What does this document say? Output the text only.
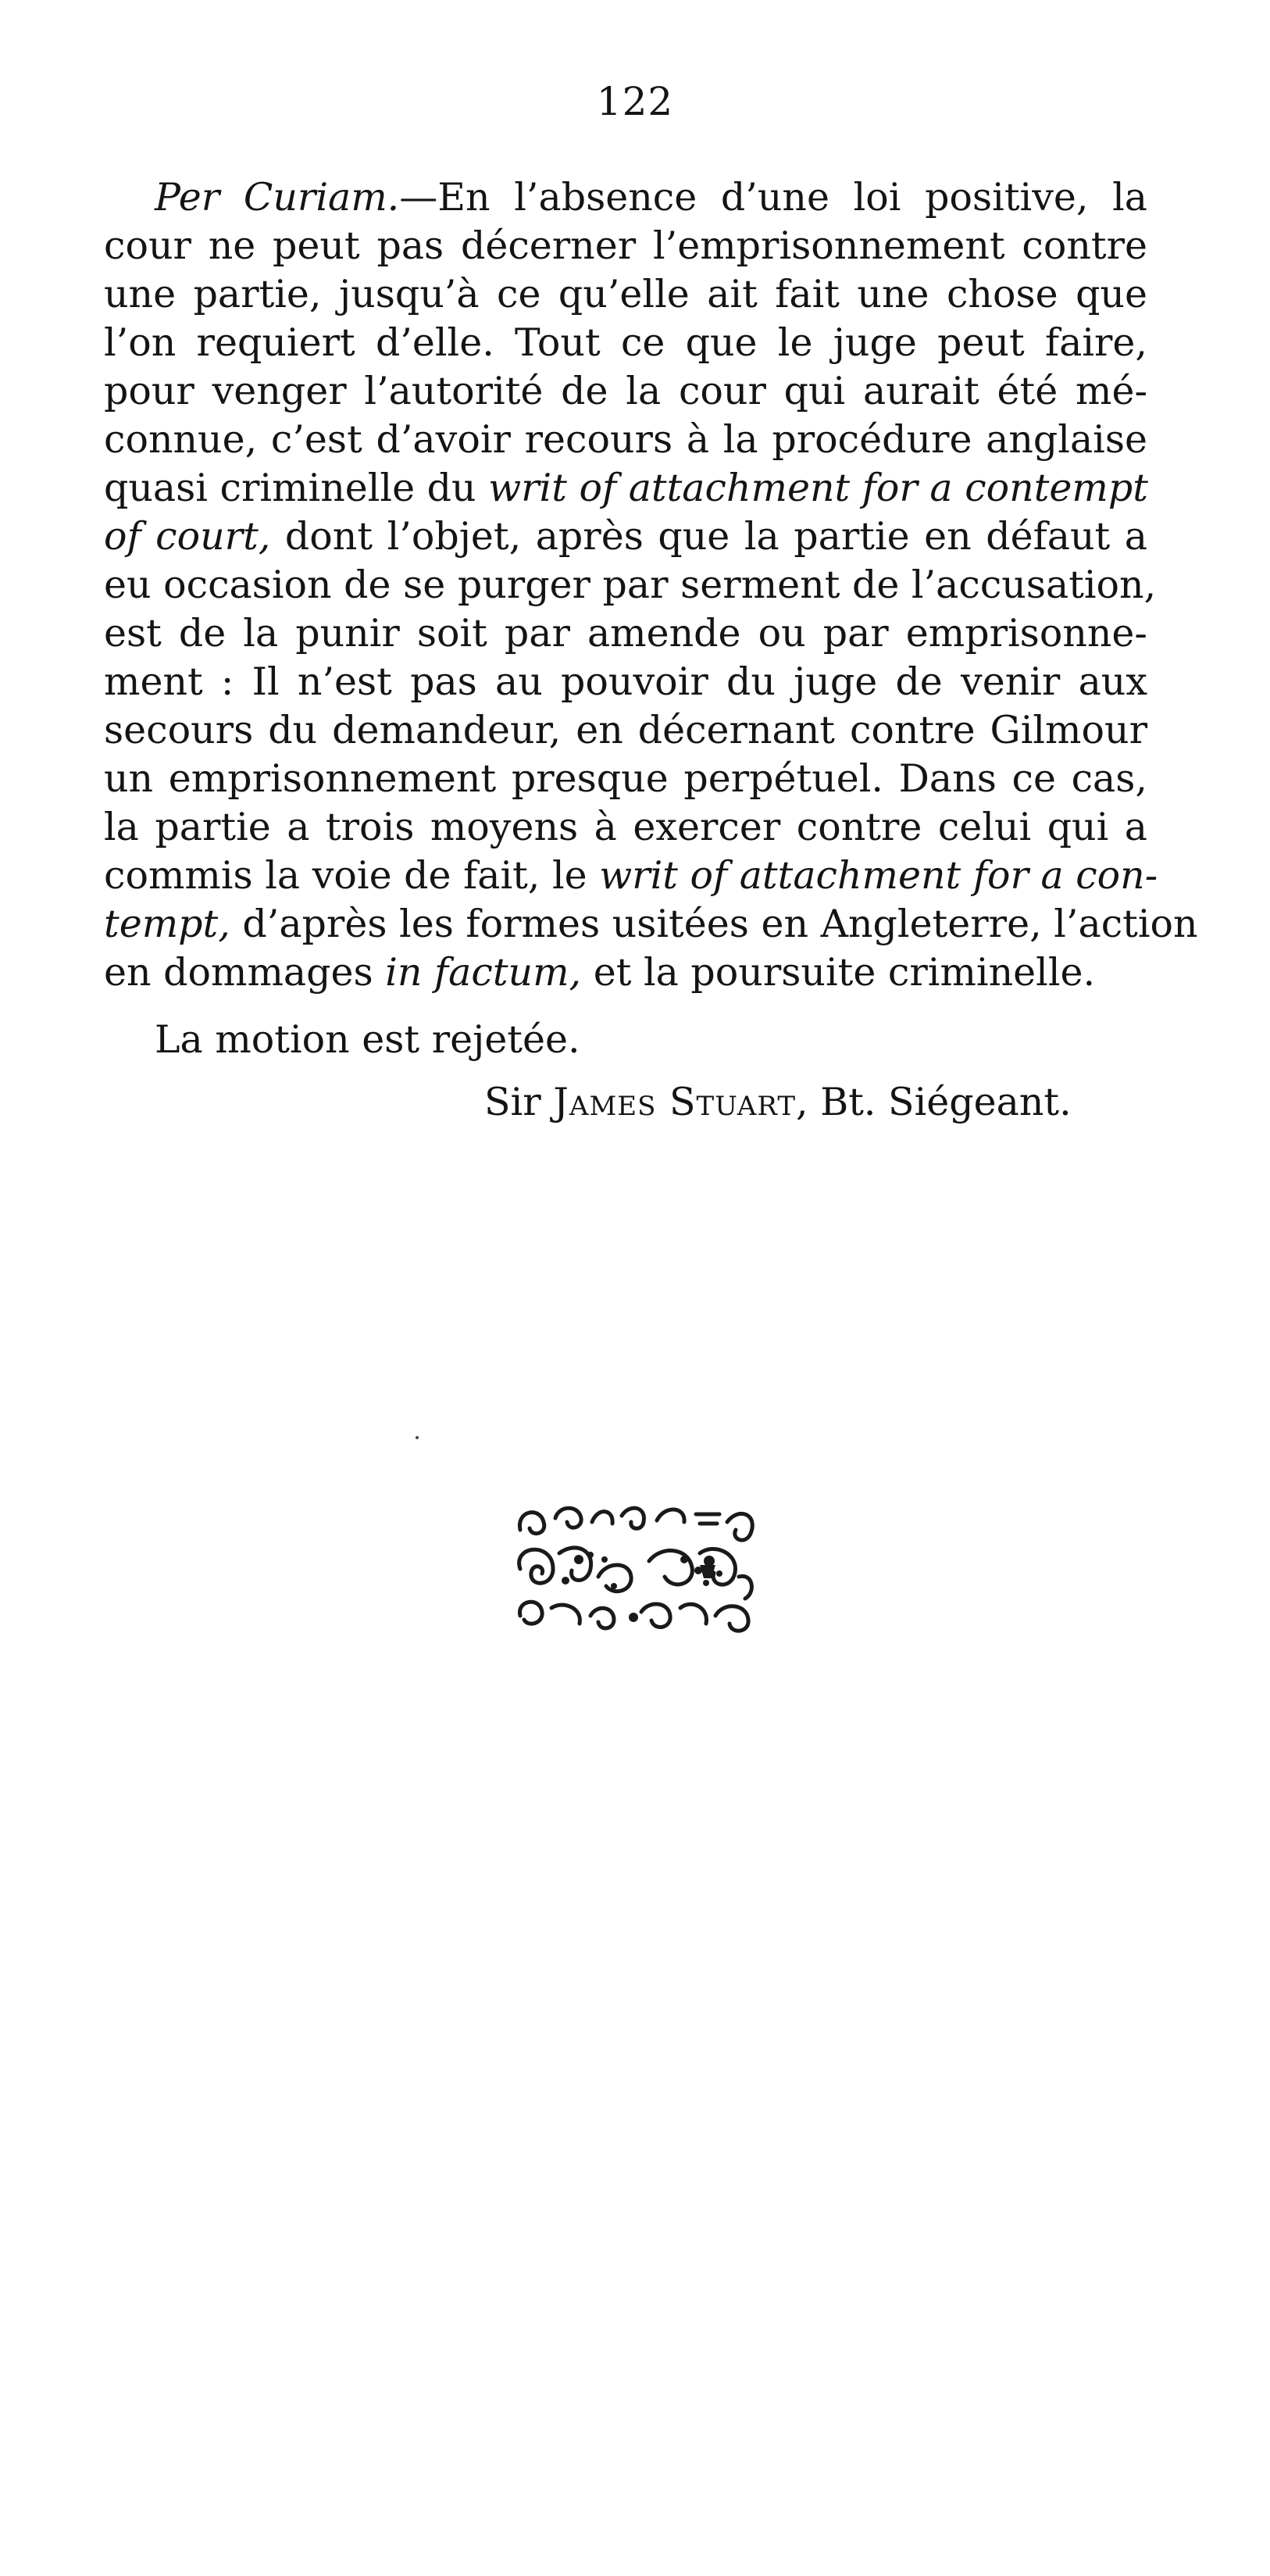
122
Per Curiam.—En l’absence d’une loi positive, la
cour ne peut pas décerner l’emprisonnement contre
une partie, jusqu’à ce qu’elle ait fait une chose que
l’on requiert d’elle. Tout ce que le juge peut faire,
pour venger l’autorité de la cour qui aurait été mé-
connue, c’est d’avoir recours à la procédure anglaise
quasi criminelle du writ of attachment for a contempt
of court, dont l’objet, après que la partie en défaut a
eu occasion de se purger par serment de l’accusation,
est de la punir soit par amende ou par emprisonne-
ment : Il n’est pas au pouvoir du juge de venir aux
secours du demandeur, en décernant contre Gilmour
un emprisonnement presque perpétuel. Dans ce cas,
la partie a trois moyens à exercer contre celui qui a
commis la voie de fait, le writ of attachment for a con-
tempt, d’après les formes usitées en Angleterre, l’action
en dommages in factum, et la poursuite criminelle.
La motion est rejetée.
Sir James Stuart, Bt. Siégeant.
